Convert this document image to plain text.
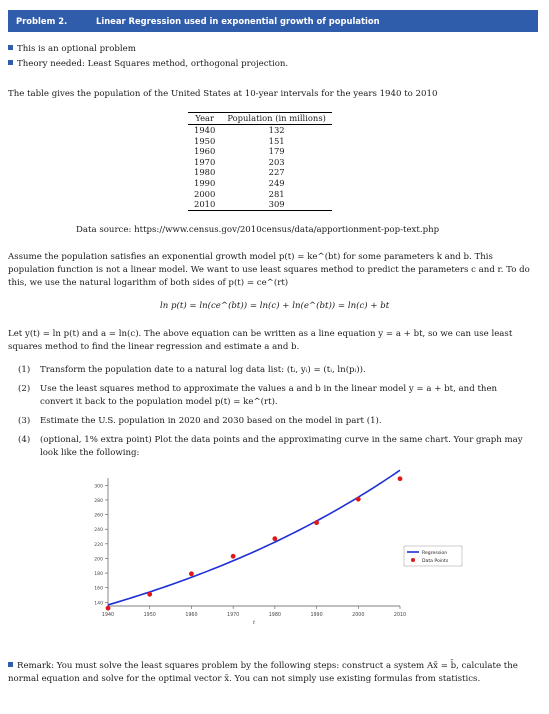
Problem 2.	Linear Regression used in exponential growth of population
This is an optional problem
Theory needed: Least Squares method, orthogonal projection.
The table gives the population of the United States at 10-year intervals for the years 1940 to 2010
Year	Population (in millions)
1940	132
1950	151
1960	179
1970	203
1980	227
1990	249
2000	281
2010	309
Data source: https://www.census.gov/2010census/data/apportionment-pop-text.php
Assume the population satisfies an exponential growth model p(t) = ke^(bt) for some parameters k and b. This population function is not a linear model. We want to use least squares method to predict the parameters c and r. To do this, we use the natural logarithm of both sides of p(t) = ce^(rt)
ln p(t) = ln(ce^(bt)) = ln(c) + ln(e^(bt)) = ln(c) + bt
Let y(t) = ln p(t) and a = ln(c). The above equation can be written as a line equation y = a + bt, so we can use least squares method to find the linear regression and estimate a and b.
(1) Transform the population date to a natural log data list: (tᵢ, yᵢ) = (tᵢ, ln(pᵢ)).
(2) Use the least squares method to approximate the values a and b in the linear model y = a + bt, and then convert it back to the population model p(t) = ke^(rt).
(3) Estimate the U.S. population in 2020 and 2030 based on the model in part (1).
(4) (optional, 1% extra point) Plot the data points and the approximating curve in the same chart. Your graph may look like the following:
140
160
180
200
220
240
260
280
300
1940	1950	1960	1970	1980	1990	2000	2010
t
Regression
Data Points
Remark: You must solve the least squares problem by the following steps: construct a system Ax̄ = b̄, calculate the normal equation and solve for the optimal vector x̄. You can not simply use existing formulas from statistics.
